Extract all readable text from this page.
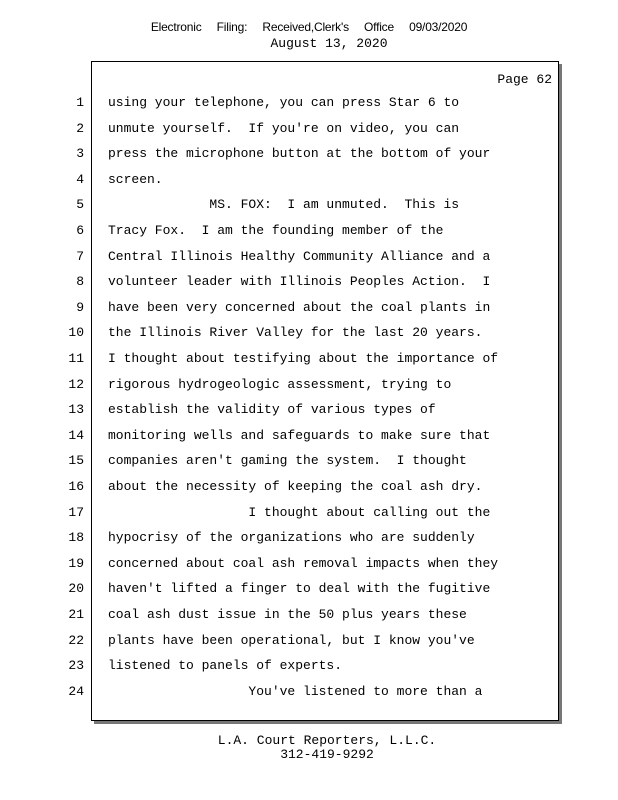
Electronic Filing: Received,Clerk's Office 09/03/2020
August 13, 2020
Page 62
1 using your telephone, you can press Star 6 to
2 unmute yourself.  If you're on video, you can
3 press the microphone button at the bottom of your
4 screen.
5 MS. FOX:  I am unmuted.  This is
6 Tracy Fox.  I am the founding member of the
7 Central Illinois Healthy Community Alliance and a
8 volunteer leader with Illinois Peoples Action.  I
9 have been very concerned about the coal plants in
10 the Illinois River Valley for the last 20 years.
11 I thought about testifying about the importance of
12 rigorous hydrogeologic assessment, trying to
13 establish the validity of various types of
14 monitoring wells and safeguards to make sure that
15 companies aren't gaming the system.  I thought
16 about the necessity of keeping the coal ash dry.
17 I thought about calling out the
18 hypocrisy of the organizations who are suddenly
19 concerned about coal ash removal impacts when they
20 haven't lifted a finger to deal with the fugitive
21 coal ash dust issue in the 50 plus years these
22 plants have been operational, but I know you've
23 listened to panels of experts.
24 You've listened to more than a
L.A. Court Reporters, L.L.C.
312-419-9292
